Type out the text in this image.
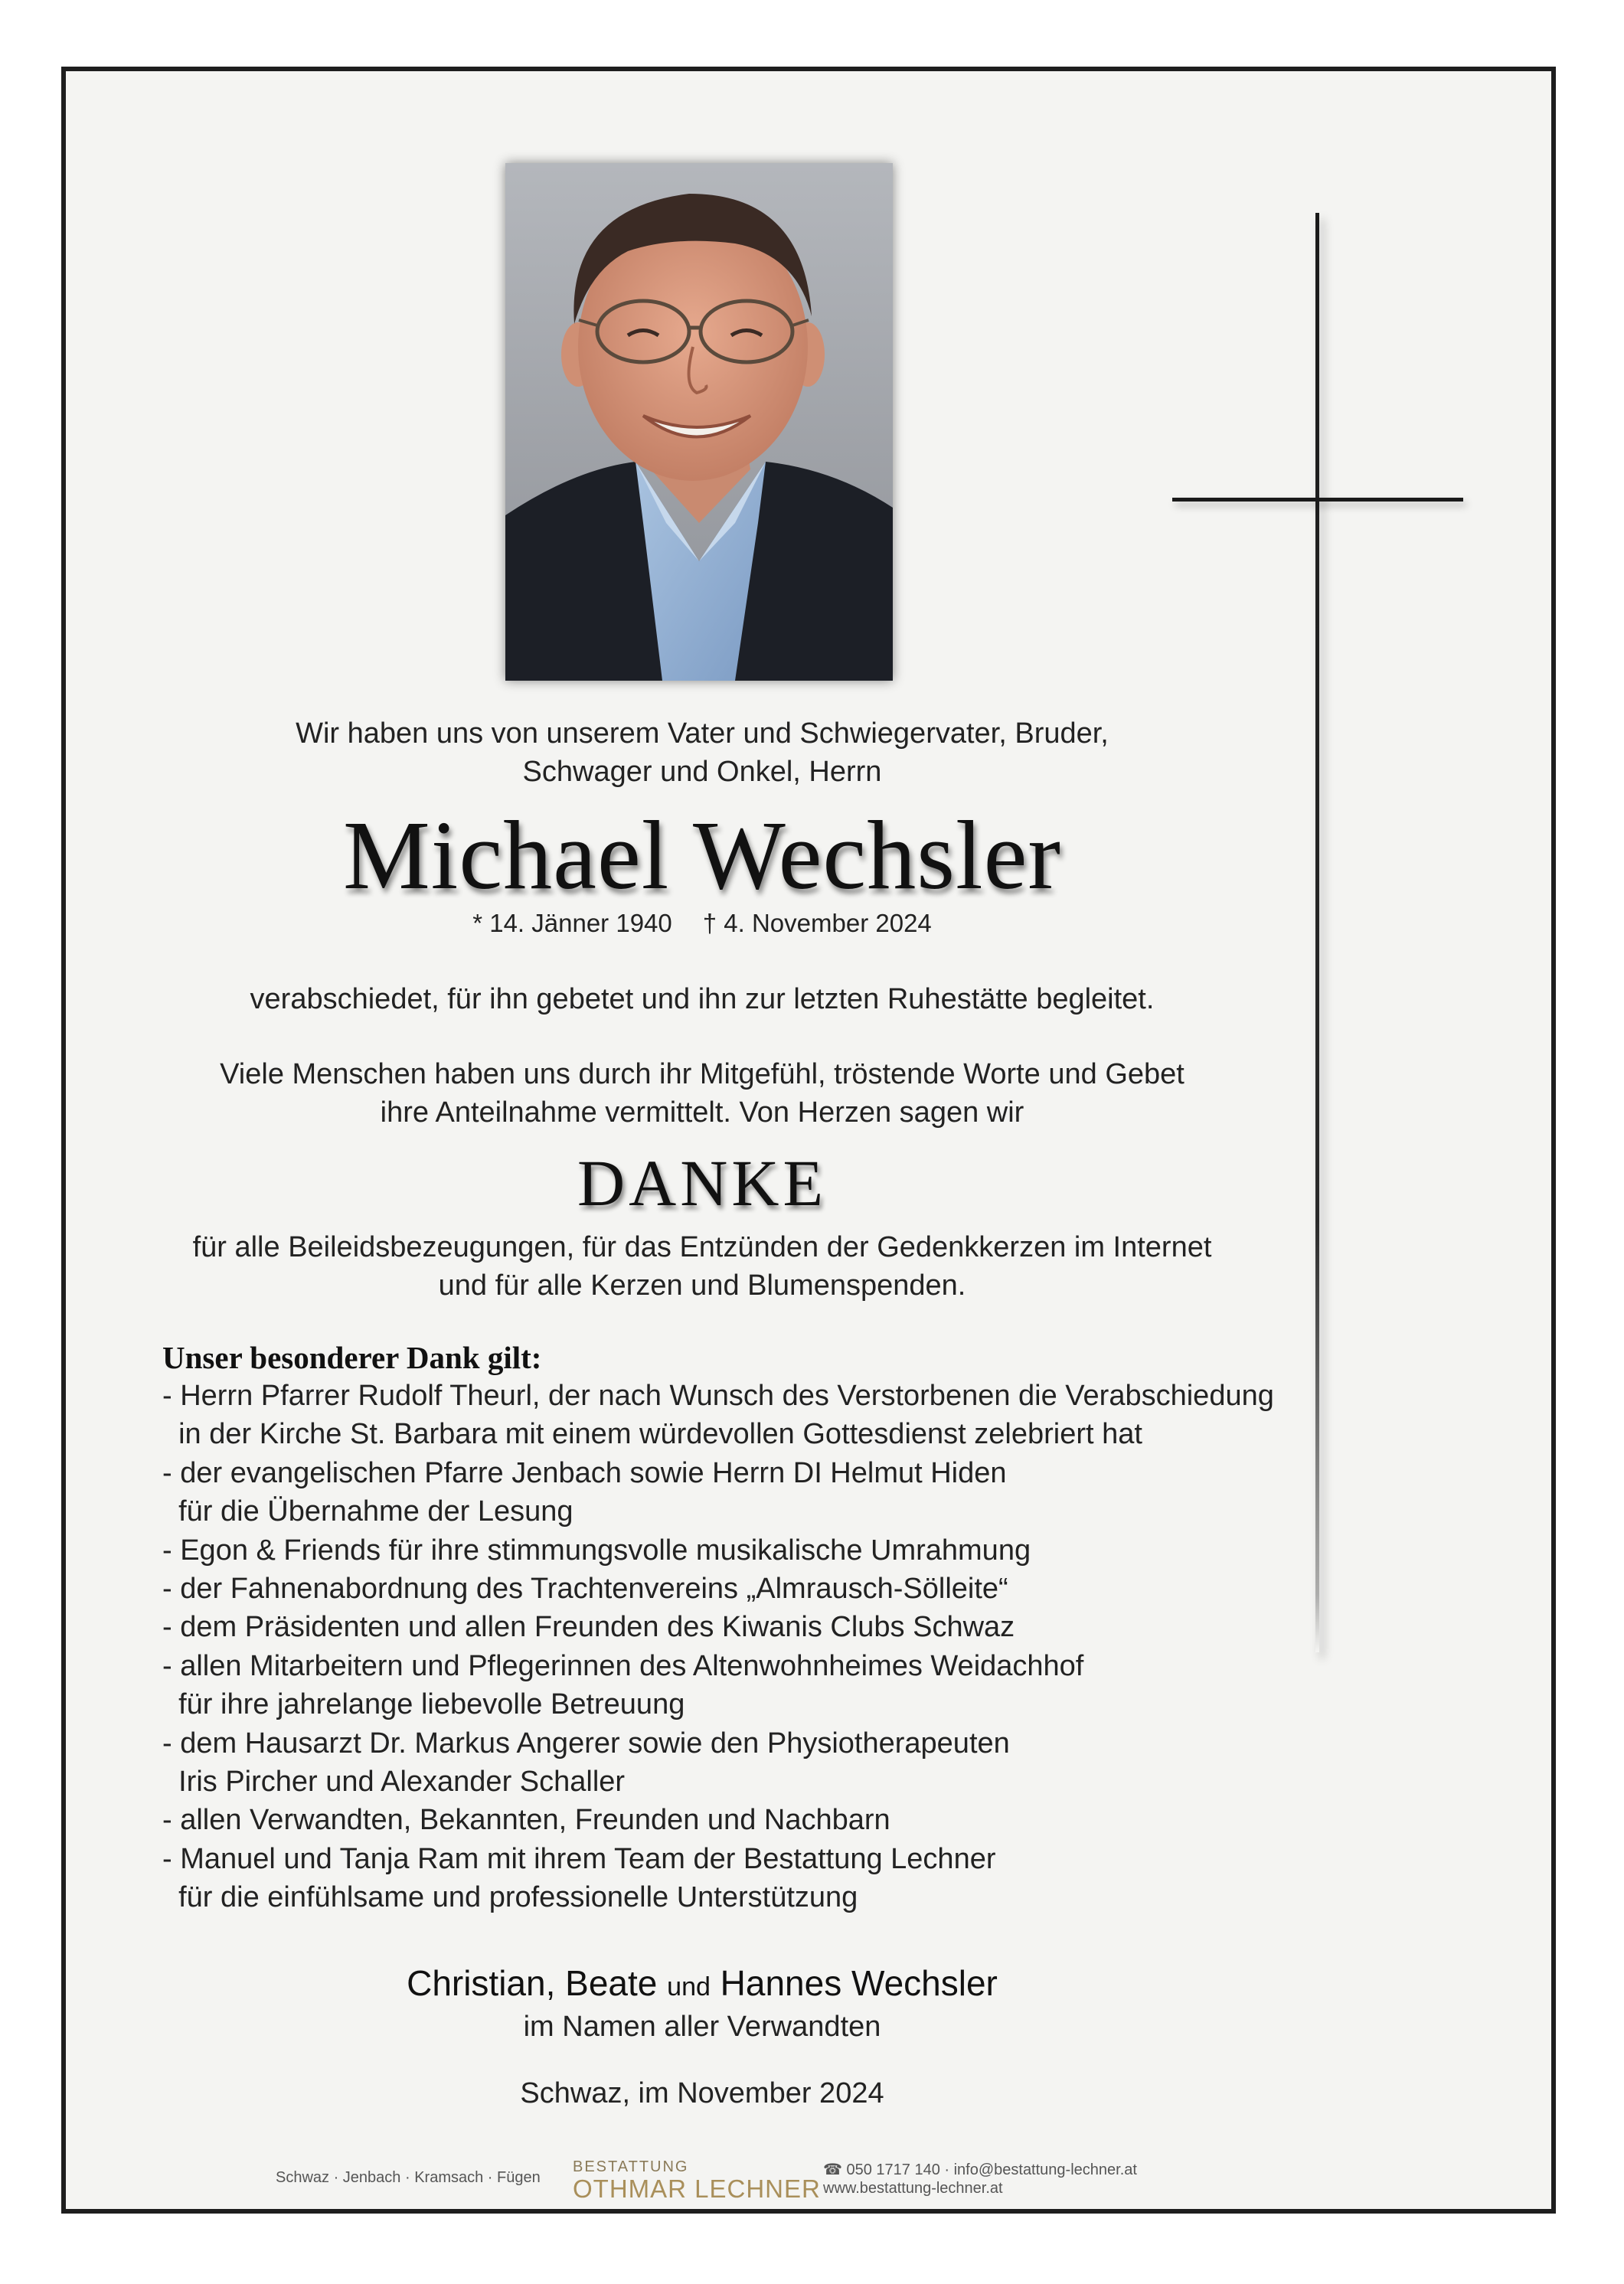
Wir haben uns von unserem Vater und Schwiegervater, Bruder,
Schwager und Onkel, Herrn
Michael Wechsler
* 14. Jänner 1940 † 4. November 2024
verabschiedet, für ihn gebetet und ihn zur letzten Ruhestätte begleitet.
Viele Menschen haben uns durch ihr Mitgefühl, tröstende Worte und Gebet
ihre Anteilnahme vermittelt. Von Herzen sagen wir
DANKE
für alle Beileidsbezeugungen, für das Entzünden der Gedenkkerzen im Internet
und für alle Kerzen und Blumenspenden.
Unser besonderer Dank gilt:
- Herrn Pfarrer Rudolf Theurl, der nach Wunsch des Verstorbenen die Verabschiedung
in der Kirche St. Barbara mit einem würdevollen Gottesdienst zelebriert hat
- der evangelischen Pfarre Jenbach sowie Herrn DI Helmut Hiden
für die Übernahme der Lesung
- Egon & Friends für ihre stimmungsvolle musikalische Umrahmung
- der Fahnenabordnung des Trachtenvereins „Almrausch-Sölleite“
- dem Präsidenten und allen Freunden des Kiwanis Clubs Schwaz
- allen Mitarbeitern und Pflegerinnen des Altenwohnheimes Weidachhof
für ihre jahrelange liebevolle Betreuung
- dem Hausarzt Dr. Markus Angerer sowie den Physiotherapeuten
Iris Pircher und Alexander Schaller
- allen Verwandten, Bekannten, Freunden und Nachbarn
- Manuel und Tanja Ram mit ihrem Team der Bestattung Lechner
für die einfühlsame und professionelle Unterstützung
Christian, Beate und Hannes Wechsler
im Namen aller Verwandten
Schwaz, im November 2024
Schwaz · Jenbach · Kramsach · Fügen
BESTATTUNG
OTHMAR LECHNER
☎ 050 1717 140 · info@bestattung-lechner.at
www.bestattung-lechner.at
